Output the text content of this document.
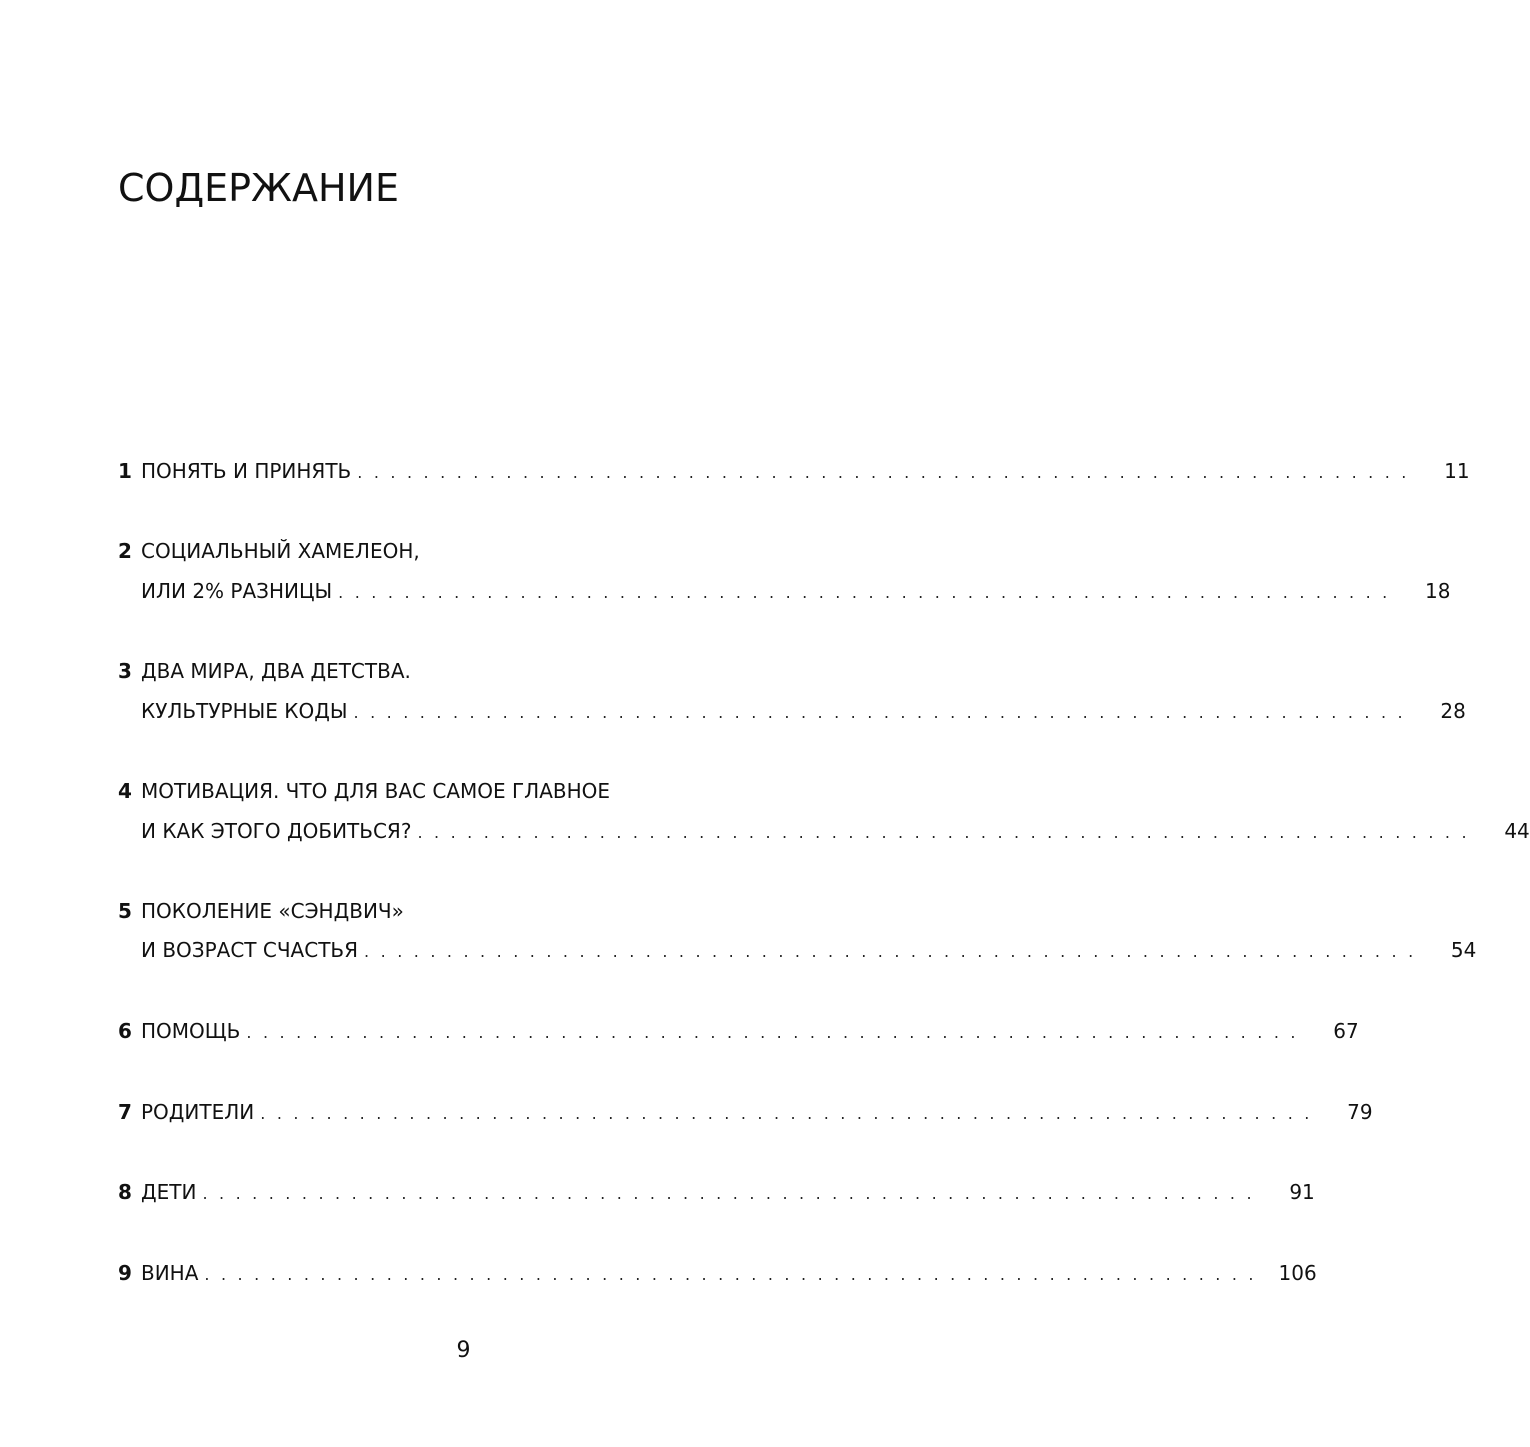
СОДЕРЖАНИЕ
1 ПОНЯТЬ И ПРИНЯТЬ . . . . . . . . . . . . . . . . . . . . . . . . . . . . . . . . . . . . . . . . . . . . . . . . . . . . . . . . . . . . . . . .	11
2 СОЦИАЛЬНЫЙ ХАМЕЛЕОН,
ИЛИ 2% РАЗНИЦЫ . . . . . . . . . . . . . . . . . . . . . . . . . . . . . . . . . . . . . . . . . . . . . . . . . . . . . . . . . . . . . . . .	18
3 ДВА МИРА, ДВА ДЕТСТВА.
КУЛЬТУРНЫЕ КОДЫ . . . . . . . . . . . . . . . . . . . . . . . . . . . . . . . . . . . . . . . . . . . . . . . . . . . . . . . . . . . . . . . .	28
4 МОТИВАЦИЯ. ЧТО ДЛЯ ВАС САМОЕ ГЛАВНОЕ
И КАК ЭТОГО ДОБИТЬСЯ? . . . . . . . . . . . . . . . . . . . . . . . . . . . . . . . . . . . . . . . . . . . . . . . . . . . . . . . . . . . . . . . .	44
5 ПОКОЛЕНИЕ «СЭНДВИЧ»
И ВОЗРАСТ СЧАСТЬЯ . . . . . . . . . . . . . . . . . . . . . . . . . . . . . . . . . . . . . . . . . . . . . . . . . . . . . . . . . . . . . . . .	54
6 ПОМОЩЬ . . . . . . . . . . . . . . . . . . . . . . . . . . . . . . . . . . . . . . . . . . . . . . . . . . . . . . . . . . . . . . . .	67
7 РОДИТЕЛИ . . . . . . . . . . . . . . . . . . . . . . . . . . . . . . . . . . . . . . . . . . . . . . . . . . . . . . . . . . . . . . . .	79
8 ДЕТИ . . . . . . . . . . . . . . . . . . . . . . . . . . . . . . . . . . . . . . . . . . . . . . . . . . . . . . . . . . . . . . . .	91
9 ВИНА . . . . . . . . . . . . . . . . . . . . . . . . . . . . . . . . . . . . . . . . . . . . . . . . . . . . . . . . . . . . . . . .	106
9
